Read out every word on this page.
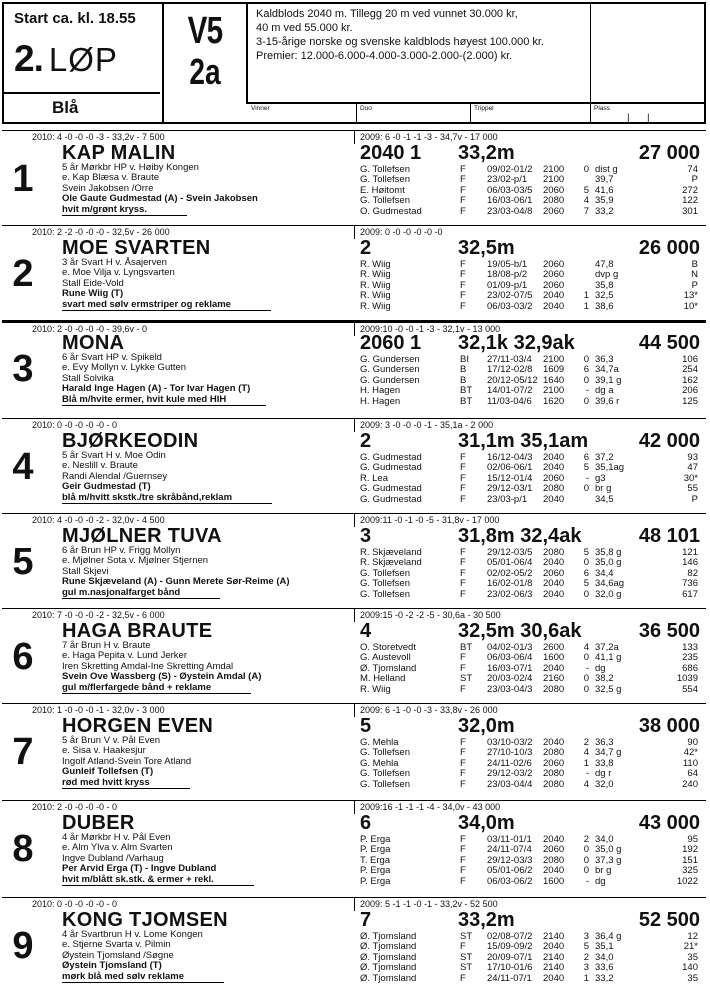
Start ca. kl. 18.55
2. LØP
Blå
V5
2a
Kaldblods 2040 m. Tillegg 20 m ved vunnet 30.000 kr,
40 m ved 55.000 kr.
3-15-årige norske og svenske kaldblods høyest 100.000 kr.
Premier: 12.000-6.000-4.000-3.000-2.000-(2.000) kr.
Vinner	Duo	Trippel	Plass
| |
2010: 4 -0 -0 -0 -3 - 33,2v - 7 500	2009: 6 -0 -1 -1 -3 - 34,7v - 17 000
1
KAP MALIN
5 år Mørkbr HP v. Høiby Kongen
e. Kap Blæsa v. Braute
Svein Jakobsen /Orre
Ole Gaute Gudmestad (A) - Svein Jakobsen
hvit m/grønt kryss.
2040 1 33,2m	27 000
G. Tollefsen	F 09/02-01/2 2100	0 dist g	74
G. Tollefsen	F 23/02-p/1 2100	39,7	P
E. Høitomt	F 06/03-03/5 2060	5 41,6	272
G. Tollefsen	F 16/03-06/1 2080	4 35,9	122
O. Gudmestad	F 23/03-04/8 2060	7 33,2	301
2010: 2 -2 -0 -0 -0 - 32,5v - 26 000	2009: 0 -0 -0 -0 -0 -0
2
MOE SVARTEN
3 år Svart H v. Åsajerven
e. Moe Vilja v. Lyngsvarten
Stall Eide-Vold
Rune Wiig (T)
svart med sølv ermstriper og reklame
2	32,5m	26 000
R. Wiig	F 19/05-b/1 2060	47,8	B
R. Wiig	F 18/08-p/2 2060	dvp g	N
R. Wiig	F 01/09-p/1 2060	35,8	P
R. Wiig	F 23/02-07/5 2040	1 32,5	13*
R. Wiig	F 06/03-03/2 2040	1 38,6	10*
2010: 2 -0 -0 -0 -0 - 39,6v - 0	2009:10 -0 -0 -1 -3 - 32,1v - 13 000
3
MONA
6 år Svart HP v. Spikeld
e. Evy Mollyn v. Lykke Gutten
Stall Solvika
Harald Inge Hagen (A) - Tor Ivar Hagen (T)
Blå m/hvite ermer, hvit kule med HIH
2060 1 32,1k 32,9ak	44 500
G. Gundersen	BI 27/11-03/4 2100	0 36,3	106
G. Gundersen	B 17/12-02/8 1609	6 34,7a	254
G. Gundersen	B 20/12-05/12 1640	0 39,1 g	162
H. Hagen	BT 14/01-07/2 2100	- dg a	206
H. Hagen	BT 11/03-04/6 1620	0 39,6 r	125
2010: 0 -0 -0 -0 -0 - 0	2009: 3 -0 -0 -0 -1 - 35,1a - 2 000
4
BJØRKEODIN
5 år Svart H v. Moe Odin
e. Neslill v. Braute
Randi Alendal /Guernsey
Geir Gudmestad (T)
blå m/hvitt skstk./tre skråbånd,reklam
2	31,1m 35,1am	42 000
G. Gudmestad	F 16/12-04/3 2040	6 37,2	93
G. Gudmestad	F 02/06-06/1 2040	5 35,1ag	47
R. Lea	F 15/12-01/4 2060	- g3	30*
G. Gudmestad	F 29/12-03/1 2080	0 br g	55
G. Gudmestad	F 23/03-p/1 2040	34,5	P
2010: 4 -0 -0 -0 -2 - 32,0v - 4 500	2009:11 -0 -1 -0 -5 - 31,8v - 17 000
5
MJØLNER TUVA
6 år Brun HP v. Frigg Mollyn
e. Mjølner Sota v. Mjølner Stjernen
Stall Skjevi
Rune Skjæveland (A) - Gunn Merete Sør-Reime (A)
gul m.nasjonalfarget bånd
3	31,8m 32,4ak	48 101
R. Skjæveland	F 29/12-03/5 2080	5 35,8 g	121
R. Skjæveland	F 05/01-06/4 2040	0 35,0 g	146
G. Tollefsen	F 02/02-05/2 2060	6 34,4	82
G. Tollefsen	F 16/02-01/8 2040	5 34,6ag	736
G. Tollefsen	F 23/02-06/3 2040	0 32,0 g	617
2010: 7 -0 -0 -0 -2 - 32,5v - 6 000	2009:15 -0 -2 -2 -5 - 30,6a - 30 500
6
HAGA BRAUTE
7 år Brun H v. Braute
e. Haga Pepita v. Lund Jerker
Iren Skretting Amdal-Ine Skretting Amdal
Svein Ove Wassberg (S) - Øystein Amdal (A)
gul m/flerfargede bånd + reklame
4	32,5m 30,6ak	36 500
O. Storetvedt	BT 04/02-01/3 2600	4 37,2a	133
G. Austevoll	F 06/03-06/4 1600	0 41,1 g	235
Ø. Tjomsland	F 16/03-07/1 2040	- dg	686
M. Helland	ST 20/03-02/4 2160	0 38,2	1039
R. Wiig	F 23/03-04/3 2080	0 32,5 g	554
2010: 1 -0 -0 -0 -1 - 32,0v - 3 000	2009: 6 -1 -0 -0 -3 - 33,8v - 26 000
7
HORGEN EVEN
5 år Brun V v. Pål Even
e. Sisa v. Haakesjur
Ingolf Atland-Svein Tore Atland
Gunleif Tollefsen (T)
rød med hvitt kryss
5	32,0m	38 000
G. Mehla	F 03/10-03/2 2040	2 36,3	90
G. Tollefsen	F 27/10-10/3 2080	4 34,7 g	42*
G. Mehla	F 24/11-02/6 2060	1 33,8	110
G. Tollefsen	F 29/12-03/2 2080	- dg r	64
G. Tollefsen	F 23/03-04/4 2080	4 32,0	240
2010: 2 -0 -0 -0 -0 - 0	2009:16 -1 -1 -1 -4 - 34,0v - 43 000
8
DUBER
4 år Mørkbr H v. Pål Even
e. Alm Ylva v. Alm Svarten
Ingve Dubland /Varhaug
Per Arvid Erga (T) - Ingve Dubland
hvit m/blått sk.stk. & ermer + rekl.
6	34,0m	43 000
P. Erga	F 03/11-01/1 2040	2 34,0	95
P. Erga	F 24/11-07/4 2060	0 35,0 g	192
T. Erga	F 29/12-03/3 2080	0 37,3 g	151
P. Erga	F 05/01-06/2 2040	0 br g	325
P. Erga	F 06/03-06/2 1600	- dg	1022
2010: 0 -0 -0 -0 -0 - 0	2009: 5 -1 -1 -0 -1 - 33,2v - 52 500
9
KONG TJOMSEN
4 år Svartbrun H v. Lome Kongen
e. Stjerne Svarta v. Pilmin
Øystein Tjomsland /Søgne
Øystein Tjomsland (T)
mørk blå med sølv reklame
7	33,2m	52 500
Ø. Tjomsland	ST 02/08-07/2 2140	3 36,4 g	12
Ø. Tjomsland	F 15/09-09/2 2040	5 35,1	21*
Ø. Tjomsland	ST 20/09-07/1 2140	2 34,0	35
Ø. Tjomsland	ST 17/10-01/6 2140	3 33,6	140
Ø. Tjomsland	F 24/11-07/1 2040	1 33,2	35
